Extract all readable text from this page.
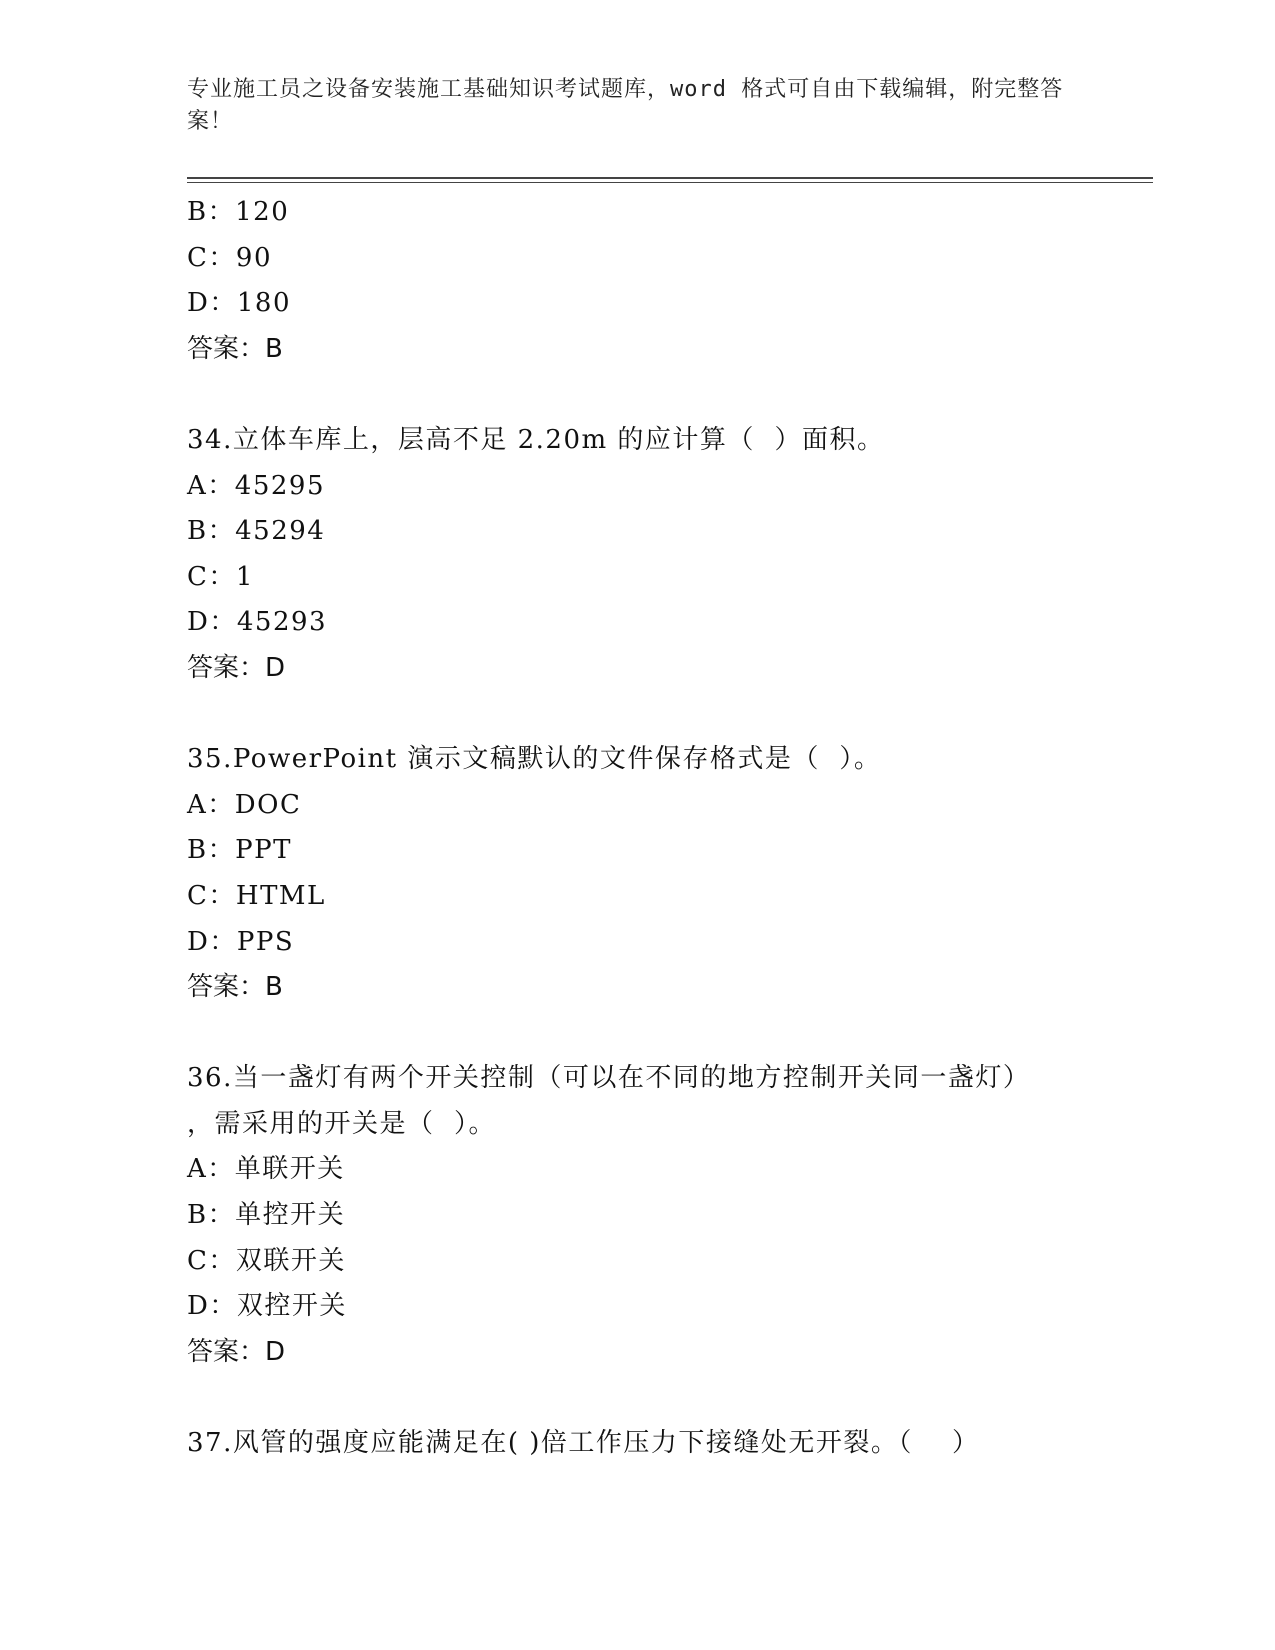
专业施工员之设备安装施工基础知识考试题库，word 格式可自由下载编辑，附完整答案！
B：120
C：90
D：180
答案：B
34.立体车库上，层高不足 2.20m 的应计算（  ）面积。
A：45295
B：45294
C：1
D：45293
答案：D
35.PowerPoint 演示文稿默认的文件保存格式是（  ）。
A：DOC
B：PPT
C：HTML
D：PPS
答案：B
36.当一盏灯有两个开关控制（可以在不同的地方控制开关同一盏灯）
，需采用的开关是（  ）。
A：单联开关
B：单控开关
C：双联开关
D：双控开关
答案：D
37.风管的强度应能满足在( )倍工作压力下接缝处无开裂。（    ）
